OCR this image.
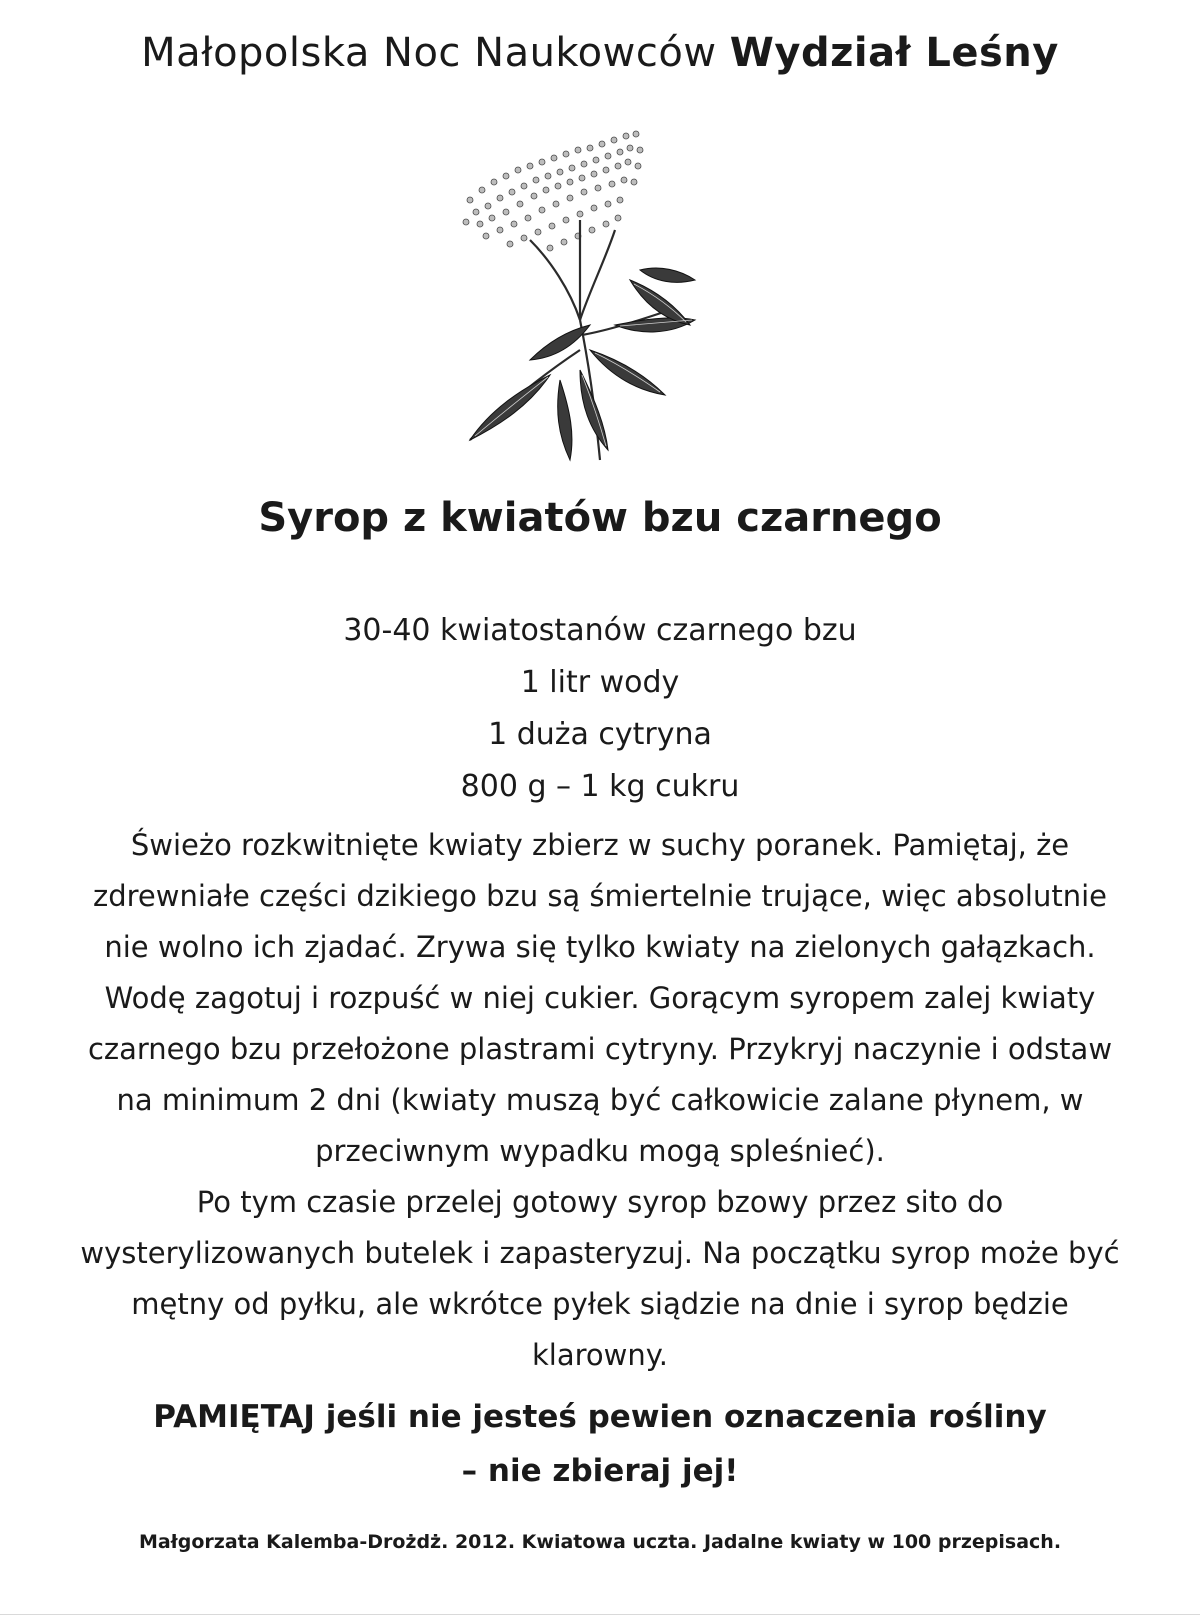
Małopolska Noc Naukowców Wydział Leśny
Syrop z kwiatów bzu czarnego
30-40 kwiatostanów czarnego bzu
1 litr wody
1 duża cytryna
800 g – 1 kg cukru
Świeżo rozkwitnięte kwiaty zbierz w suchy poranek. Pamiętaj, że
zdrewniałe części dzikiego bzu są śmiertelnie trujące, więc absolutnie
nie wolno ich zjadać. Zrywa się tylko kwiaty na zielonych gałązkach.
Wodę zagotuj i rozpuść w niej cukier. Gorącym syropem zalej kwiaty
czarnego bzu przełożone plastrami cytryny. Przykryj naczynie i odstaw
na minimum 2 dni (kwiaty muszą być całkowicie zalane płynem, w
przeciwnym wypadku mogą spleśnieć).
Po tym czasie przelej gotowy syrop bzowy przez sito do
wysterylizowanych butelek i zapasteryzuj. Na początku syrop może być
mętny od pyłku, ale wkrótce pyłek siądzie na dnie i syrop będzie
klarowny.
PAMIĘTAJ jeśli nie jesteś pewien oznaczenia rośliny
– nie zbieraj jej!
Małgorzata Kalemba-Drożdż. 2012. Kwiatowa uczta. Jadalne kwiaty w 100 przepisach.
